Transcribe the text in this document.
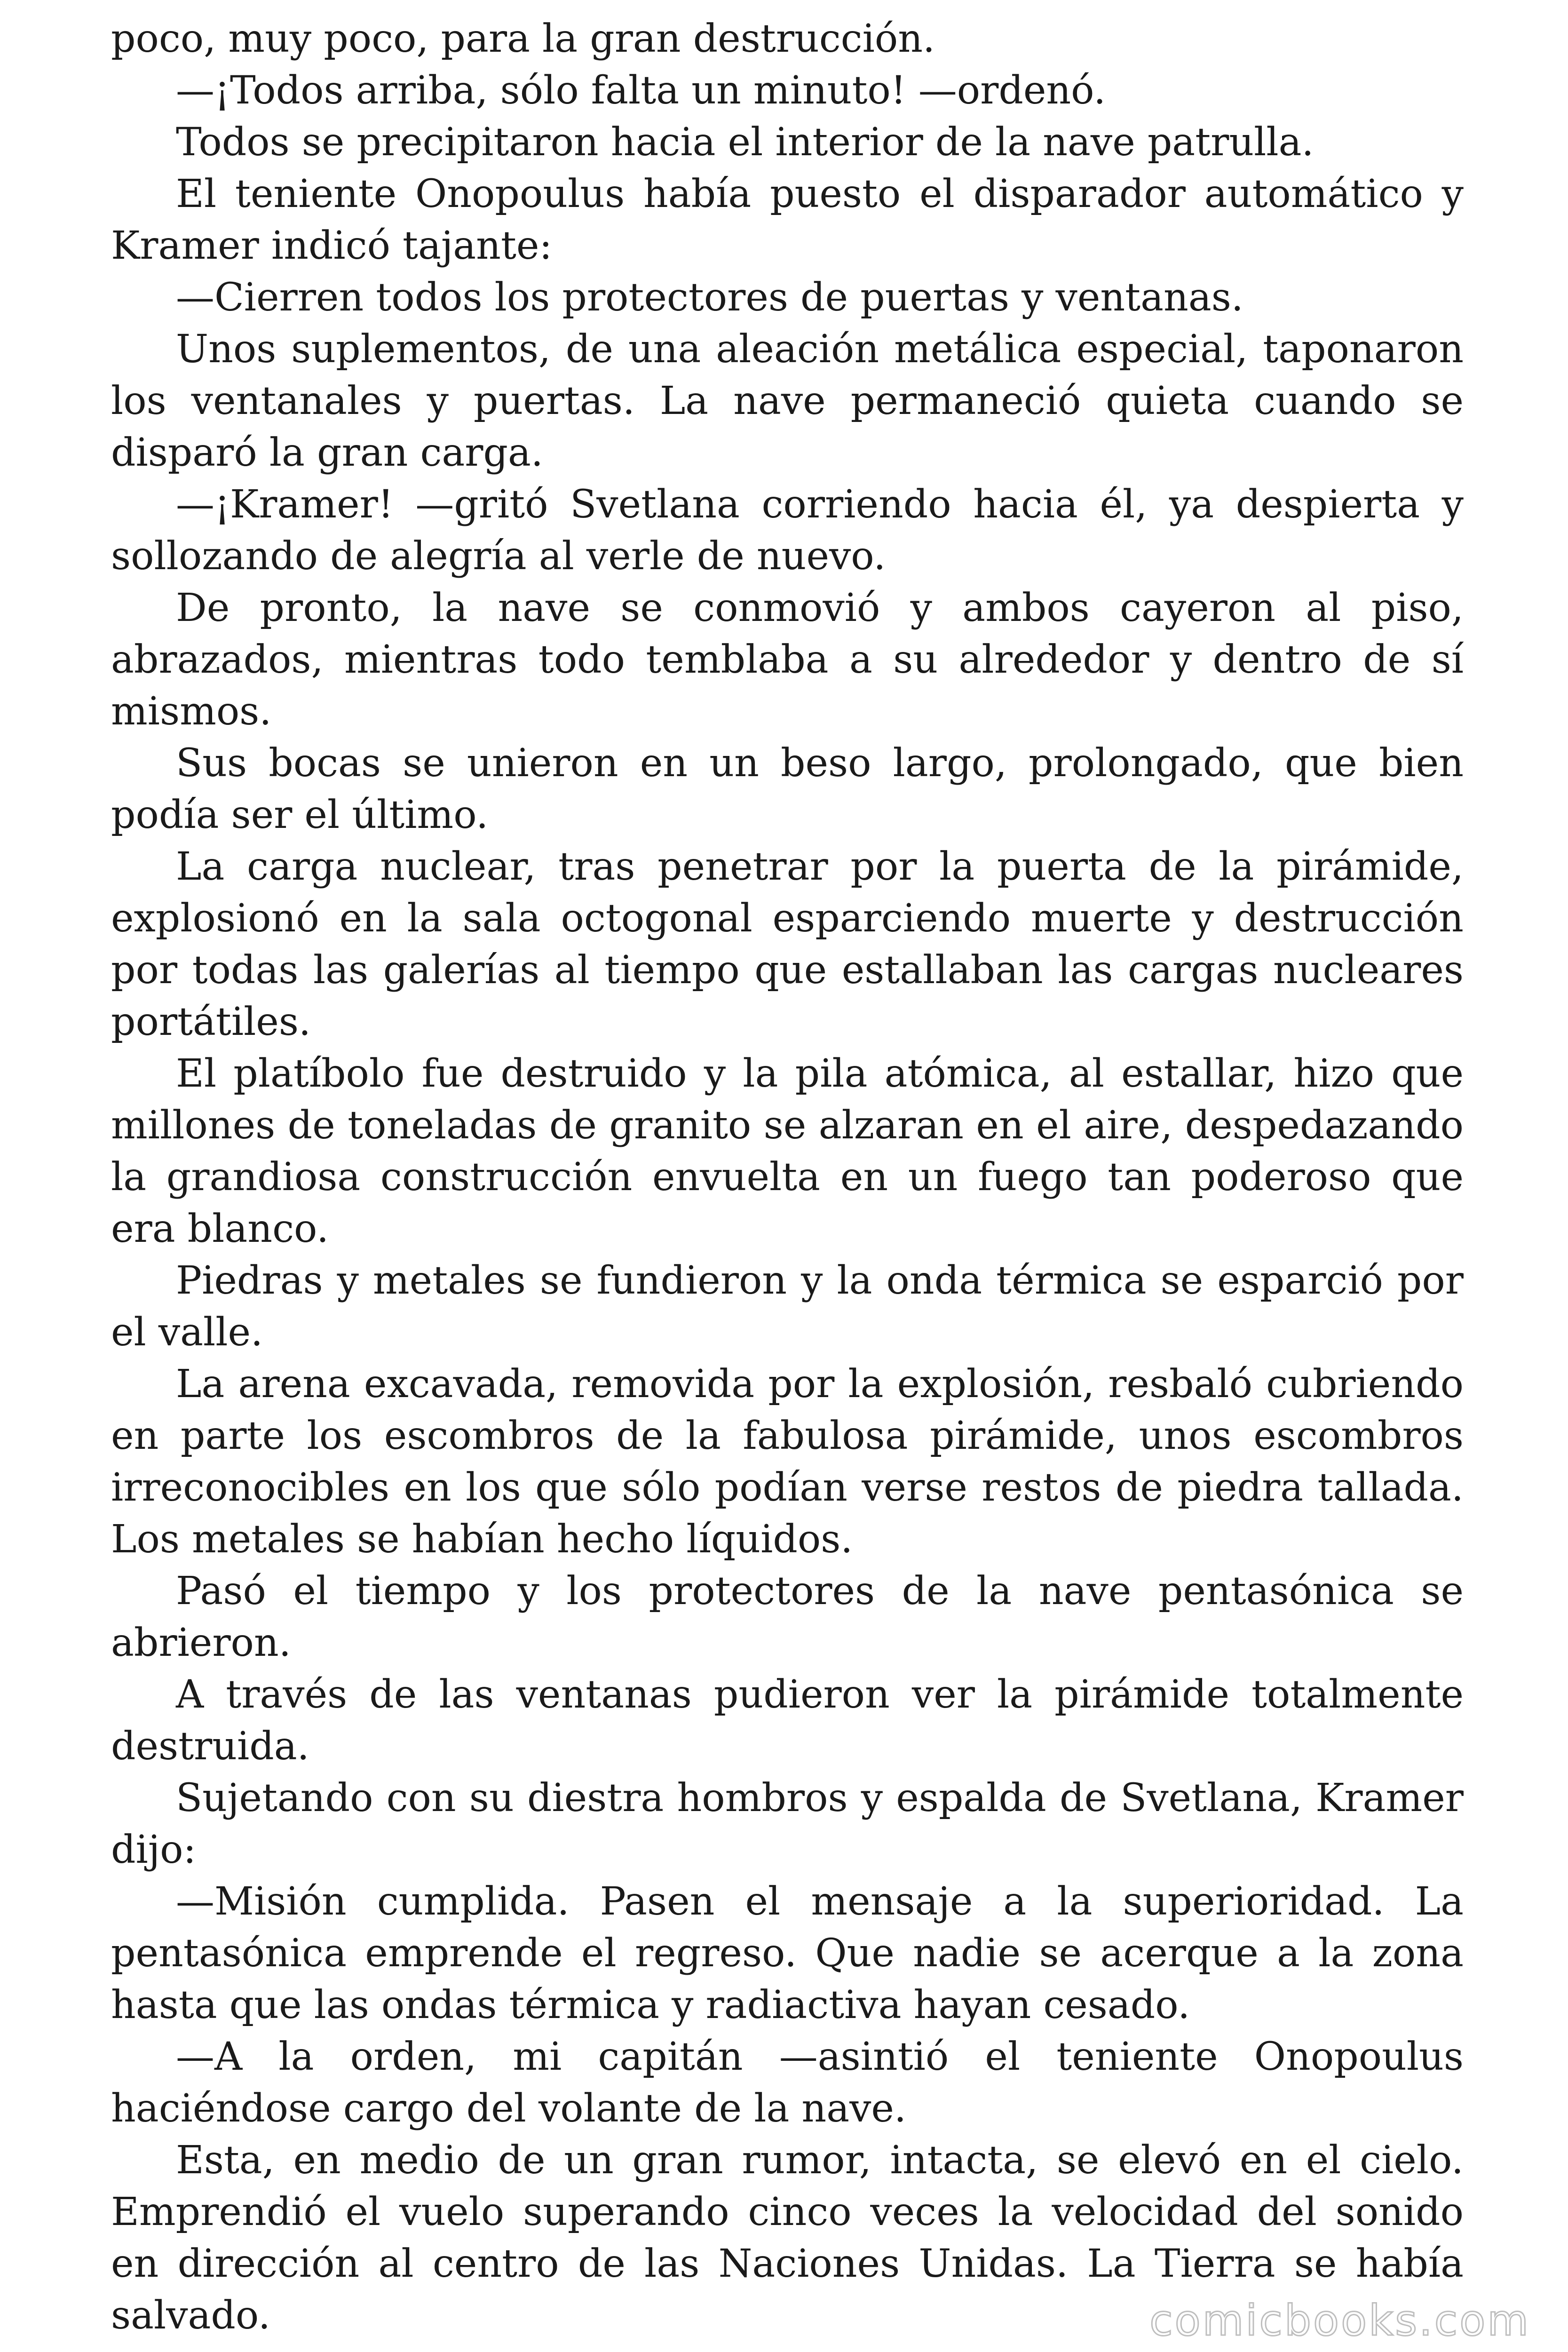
poco, muy poco, para la gran destrucción.

—¡Todos arriba, sólo falta un minuto! —ordenó.

Todos se precipitaron hacia el interior de la nave patrulla.

El teniente Onopoulus había puesto el disparador automático y Kramer indicó tajante:

—Cierren todos los protectores de puertas y ventanas.

Unos suplementos, de una aleación metálica especial, taponaron los ventanales y puertas. La nave permaneció quieta cuando se disparó la gran carga.

—¡Kramer! —gritó Svetlana corriendo hacia él, ya despierta y sollozando de alegría al verle de nuevo.

De pronto, la nave se conmovió y ambos cayeron al piso, abrazados, mientras todo temblaba a su alrededor y dentro de sí mismos.

Sus bocas se unieron en un beso largo, prolongado, que bien podía ser el último.

La carga nuclear, tras penetrar por la puerta de la pirámide, explosionó en la sala octogonal esparciendo muerte y destrucción por todas las galerías al tiempo que estallaban las cargas nucleares portátiles.

El platíbolo fue destruido y la pila atómica, al estallar, hizo que millones de toneladas de granito se alzaran en el aire, despedazando la grandiosa construcción envuelta en un fuego tan poderoso que era blanco.

Piedras y metales se fundieron y la onda térmica se esparció por el valle.

La arena excavada, removida por la explosión, resbaló cubriendo en parte los escombros de la fabulosa pirámide, unos escombros irreconocibles en los que sólo podían verse restos de piedra tallada. Los metales se habían hecho líquidos.

Pasó el tiempo y los protectores de la nave pentasónica se abrieron.

A través de las ventanas pudieron ver la pirámide totalmente destruida.

Sujetando con su diestra hombros y espalda de Svetlana, Kramer dijo:

—Misión cumplida. Pasen el mensaje a la superioridad. La pentasónica emprende el regreso. Que nadie se acerque a la zona hasta que las ondas térmica y radiactiva hayan cesado.

—A la orden, mi capitán —asintió el teniente Onopoulus haciéndose cargo del volante de la nave.

Esta, en medio de un gran rumor, intacta, se elevó en el cielo. Emprendió el vuelo superando cinco veces la velocidad del sonido en dirección al centro de las Naciones Unidas. La Tierra se había salvado.	comicbooks.com
